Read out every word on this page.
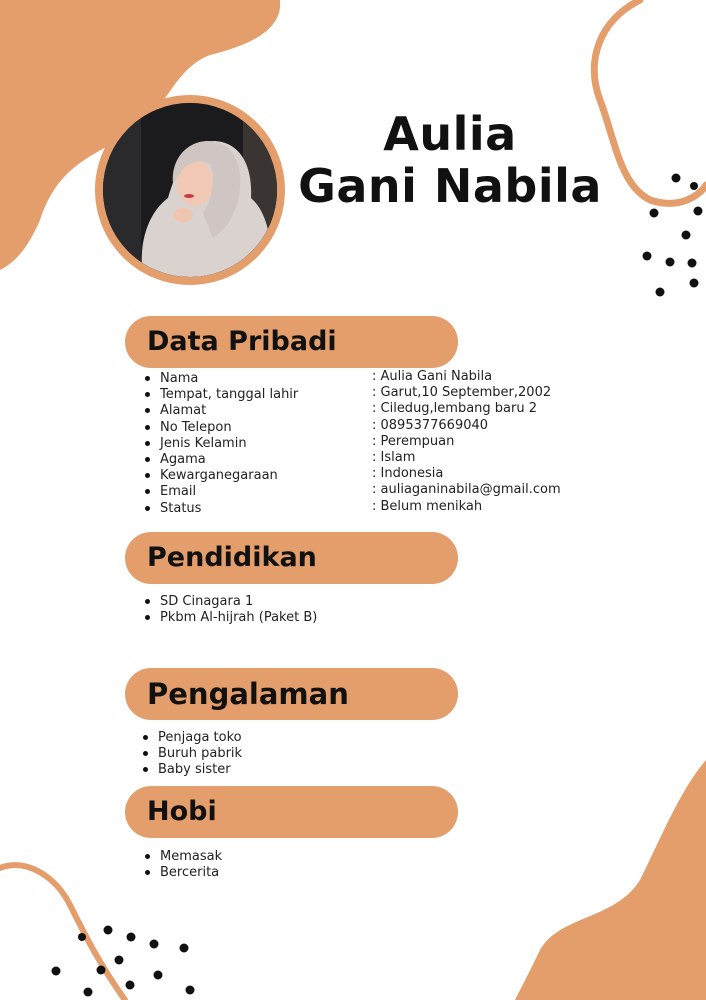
Aulia
Gani Nabila
Data Pribadi
Nama
Tempat, tanggal lahir
Alamat
No Telepon
Jenis Kelamin
Agama
Kewarganegaraan
Email
Status
: Aulia Gani Nabila
: Garut,10 September,2002
: Ciledug,lembang baru 2
: 0895377669040
: Perempuan
: Islam
: Indonesia
: auliaganinabila@gmail.com
: Belum menikah
Pendidikan
SD Cinagara 1
Pkbm Al-hijrah (Paket B)
Pengalaman
Penjaga toko
Buruh pabrik
Baby sister
Hobi
Memasak
Bercerita
